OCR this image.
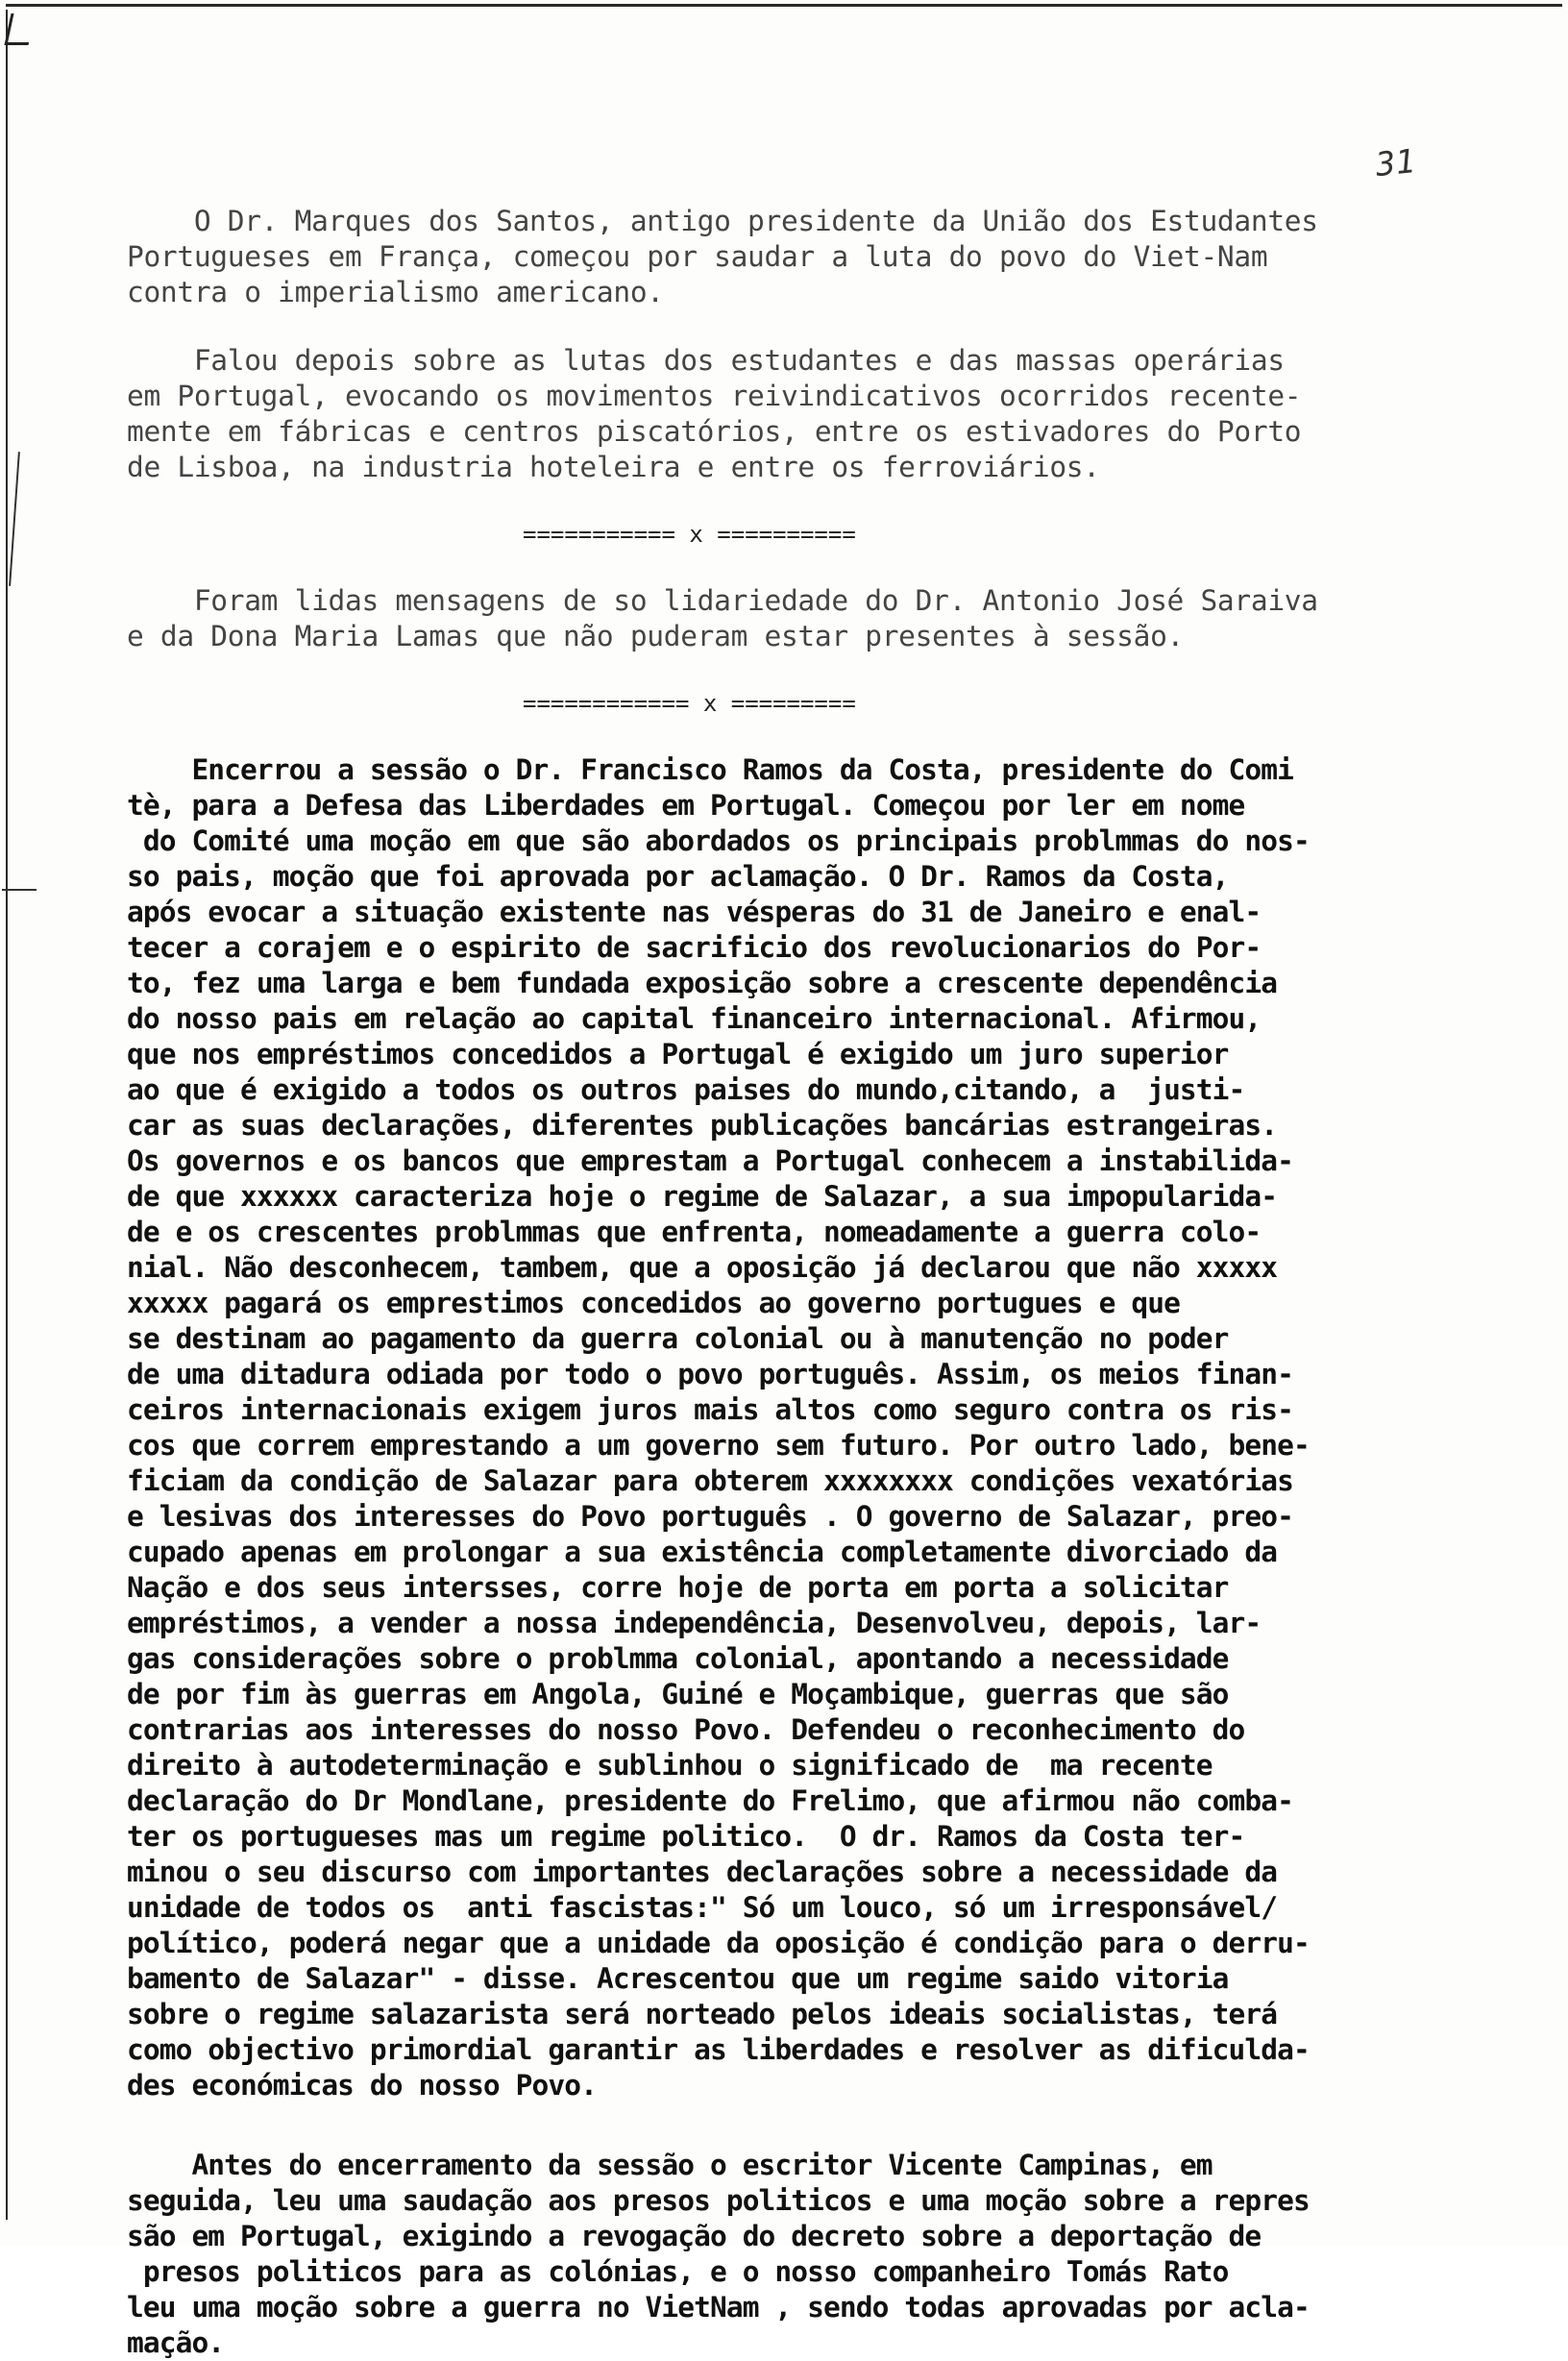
31

O Dr. Marques dos Santos, antigo presidente da União dos Estudantes
Portugueses em França, começou por saudar a luta do povo do Viet-Nam
contra o imperialismo americano.

Falou depois sobre as lutas dos estudantes e das massas operárias
em Portugal, evocando os movimentos reivindicativos ocorridos recente-
mente em fábricas e centros piscatórios, entre os estivadores do Porto
de Lisboa, na industria hoteleira e entre os ferroviários.

=========== x ==========

Foram lidas mensagens de so lidariedade do Dr. Antonio José Saraiva
e da Dona Maria Lamas que não puderam estar presentes à sessão.

============ x =========

Encerrou a sessão o Dr. Francisco Ramos da Costa, presidente do Comi
tè, para a Defesa das Liberdades em Portugal. Começou por ler em nome
do Comité uma moção em que são abordados os principais problmmas do nos-
so pais, moção que foi aprovada por aclamação. O Dr. Ramos da Costa,
após evocar a situação existente nas vésperas do 31 de Janeiro e enal-
tecer a corajem e o espirito de sacrificio dos revolucionarios do Por-
to, fez uma larga e bem fundada exposição sobre a crescente dependência
do nosso pais em relação ao capital financeiro internacional. Afirmou,
que nos empréstimos concedidos a Portugal é exigido um juro superior
ao que é exigido a todos os outros paises do mundo,citando, a  justi-
car as suas declarações, diferentes publicações bancárias estrangeiras.
Os governos e os bancos que emprestam a Portugal conhecem a instabilida-
de que xxxxxx caracteriza hoje o regime de Salazar, a sua impopularida-
de e os crescentes problmmas que enfrenta, nomeadamente a guerra colo-
nial. Não desconhecem, tambem, que a oposição já declarou que não xxxxx
xxxxx pagará os emprestimos concedidos ao governo portugues e que
se destinam ao pagamento da guerra colonial ou à manutenção no poder
de uma ditadura odiada por todo o povo português. Assim, os meios finan-
ceiros internacionais exigem juros mais altos como seguro contra os ris-
cos que correm emprestando a um governo sem futuro. Por outro lado, bene-
ficiam da condição de Salazar para obterem xxxxxxxx condições vexatórias
e lesivas dos interesses do Povo português . O governo de Salazar, preo-
cupado apenas em prolongar a sua existência completamente divorciado da
Nação e dos seus intersses, corre hoje de porta em porta a solicitar
empréstimos, a vender a nossa independência, Desenvolveu, depois, lar-
gas considerações sobre o problmma colonial, apontando a necessidade
de por fim às guerras em Angola, Guiné e Moçambique, guerras que são
contrarias aos interesses do nosso Povo. Defendeu o reconhecimento do
direito à autodeterminação e sublinhou o significado de  ma recente
declaração do Dr Mondlane, presidente do Frelimo, que afirmou não comba-
ter os portugueses mas um regime politico.  O dr. Ramos da Costa ter-
minou o seu discurso com importantes declarações sobre a necessidade da
unidade de todos os  anti fascistas:" Só um louco, só um irresponsável/
político, poderá negar que a unidade da oposição é condição para o derru-
bamento de Salazar" - disse. Acrescentou que um regime saido vitoria
sobre o regime salazarista será norteado pelos ideais socialistas, terá
como objectivo primordial garantir as liberdades e resolver as dificulda-
des económicas do nosso Povo.

Antes do encerramento da sessão o escritor Vicente Campinas, em
seguida, leu uma saudação aos presos politicos e uma moção sobre a repres
são em Portugal, exigindo a revogação do decreto sobre a deportação de
presos politicos para as colónias, e o nosso companheiro Tomás Rato
leu uma moção sobre a guerra no VietNam , sendo todas aprovadas por acla-
mação.
